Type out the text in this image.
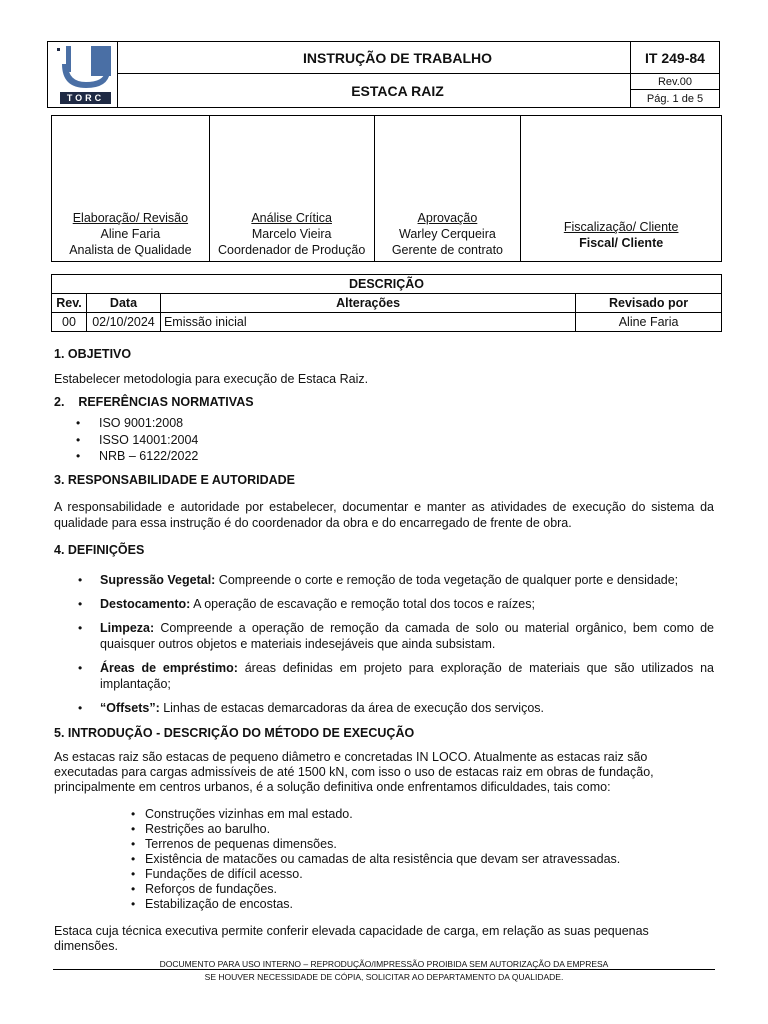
TORC
INSTRUÇÃO DE TRABALHO
ESTACA RAIZ
IT 249-84
Rev.00
Pág. 1 de 5
Elaboração/ Revisão
Aline Faria
Analista de Qualidade

Análise Crítica
Marcelo Vieira
Coordenador de Produção

Aprovação
Warley Cerqueira
Gerente de contrato

Fiscalização/ Cliente
Fiscal/ Cliente
DESCRIÇÃO			
Rev.	Data	Alterações	Revisado por
00	02/10/2024	Emissão inicial	Aline Faria
1. OBJETIVO
Estabelecer metodologia para execução de Estaca Raiz.
2.    REFERÊNCIAS NORMATIVAS
• ISO 9001:2008
• ISSO 14001:2004
• NRB – 6122/2022
3. RESPONSABILIDADE E AUTORIDADE
A responsabilidade e autoridade por estabelecer, documentar e manter as atividades de execução do sistema da qualidade para essa instrução é do coordenador da obra e do encarregado de frente de obra.
4. DEFINIÇÕES
• Supressão Vegetal: Compreende o corte e remoção de toda vegetação de qualquer porte e densidade;
• Destocamento: A operação de escavação e remoção total dos tocos e raízes;
• Limpeza: Compreende a operação de remoção da camada de solo ou material orgânico, bem como de quaisquer outros objetos e materiais indesejáveis que ainda subsistam.
• Áreas de empréstimo: áreas definidas em projeto para exploração de materiais que são utilizados na implantação;
• “Offsets”: Linhas de estacas demarcadoras da área de execução dos serviços.
5. INTRODUÇÃO - DESCRIÇÃO DO MÉTODO DE EXECUÇÃO
As estacas raiz são estacas de pequeno diâmetro e concretadas IN LOCO. Atualmente as estacas raiz são executadas para cargas admissíveis de até 1500 kN, com isso o uso de estacas raiz em obras de fundação, principalmente em centros urbanos, é a solução definitiva onde enfrentamos dificuldades, tais como:
• Construções vizinhas em mal estado.
• Restrições ao barulho.
• Terrenos de pequenas dimensões.
• Existência de matacões ou camadas de alta resistência que devam ser atravessadas.
• Fundações de difícil acesso.
• Reforços de fundações.
• Estabilização de encostas.
Estaca cuja técnica executiva permite conferir elevada capacidade de carga, em relação as suas pequenas dimensões.
DOCUMENTO PARA USO INTERNO – REPRODUÇÃO/IMPRESSÃO PROIBIDA SEM AUTORIZAÇÃO DA EMPRESA
SE HOUVER NECESSIDADE DE CÓPIA, SOLICITAR AO DEPARTAMENTO DA QUALIDADE.
